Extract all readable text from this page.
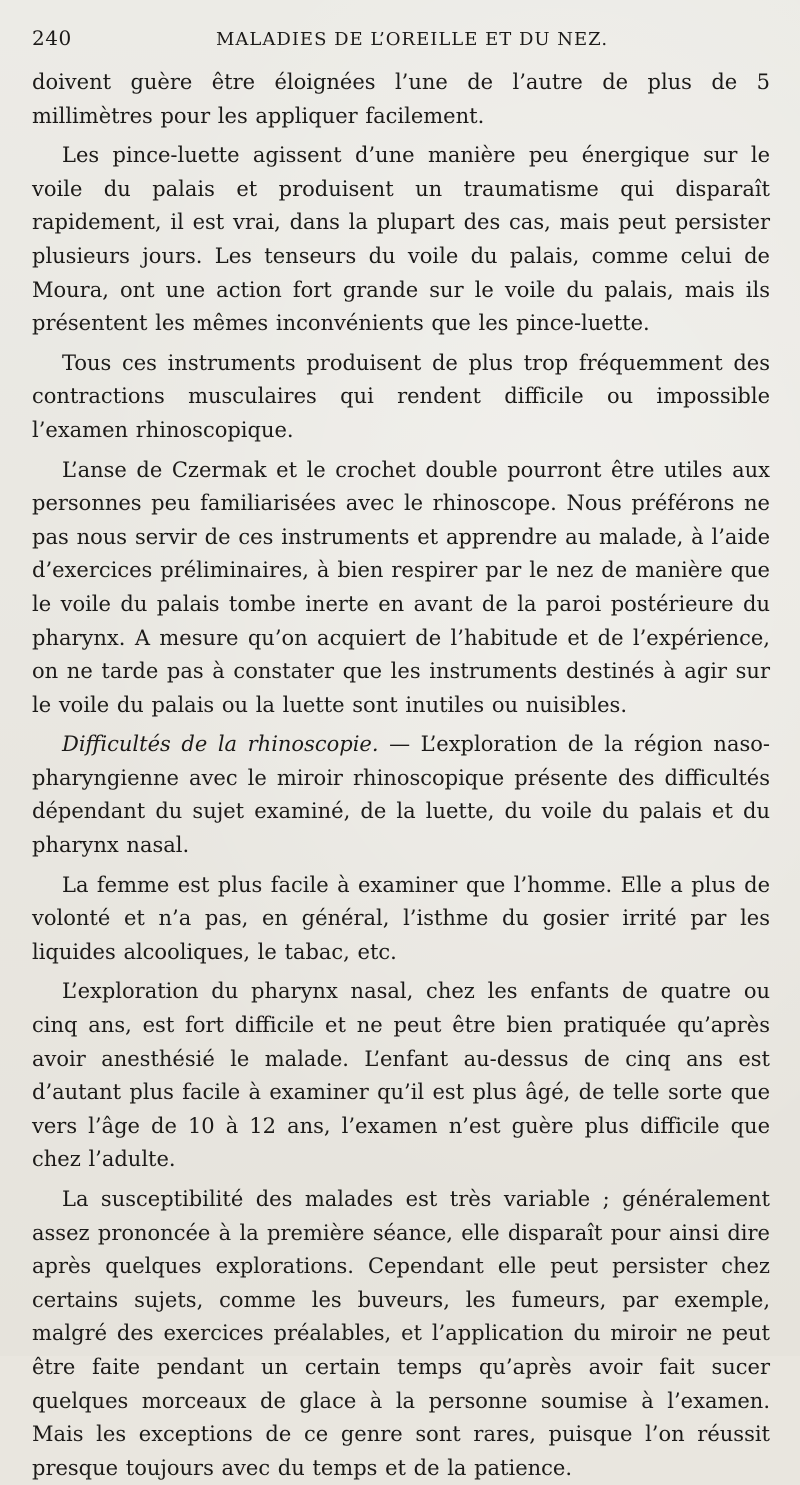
240	MALADIES DE L’OREILLE ET DU NEZ.

doivent guère être éloignées l’une de l’autre de plus de 5 millimètres pour les appliquer facilement.

Les pince-luette agissent d’une manière peu énergique sur le voile du palais et produisent un traumatisme qui disparaît rapidement, il est vrai, dans la plupart des cas, mais peut persister plusieurs jours. Les tenseurs du voile du palais, comme celui de Moura, ont une action fort grande sur le voile du palais, mais ils présentent les mêmes inconvénients que les pince-luette.

Tous ces instruments produisent de plus trop fréquemment des contractions musculaires qui rendent difficile ou impossible l’examen rhinoscopique.

L’anse de Czermak et le crochet double pourront être utiles aux personnes peu familiarisées avec le rhinoscope. Nous préférons ne pas nous servir de ces instruments et apprendre au malade, à l’aide d’exercices préliminaires, à bien respirer par le nez de manière que le voile du palais tombe inerte en avant de la paroi postérieure du pharynx. A mesure qu’on acquiert de l’habitude et de l’expérience, on ne tarde pas à constater que les instruments destinés à agir sur le voile du palais ou la luette sont inutiles ou nuisibles.

Difficultés de la rhinoscopie. — L’exploration de la région naso-pharyngienne avec le miroir rhinoscopique présente des difficultés dépendant du sujet examiné, de la luette, du voile du palais et du pharynx nasal.

La femme est plus facile à examiner que l’homme. Elle a plus de volonté et n’a pas, en général, l’isthme du gosier irrité par les liquides alcooliques, le tabac, etc.

L’exploration du pharynx nasal, chez les enfants de quatre ou cinq ans, est fort difficile et ne peut être bien pratiquée qu’après avoir anesthésié le malade. L’enfant au-dessus de cinq ans est d’autant plus facile à examiner qu’il est plus âgé, de telle sorte que vers l’âge de 10 à 12 ans, l’examen n’est guère plus difficile que chez l’adulte.

La susceptibilité des malades est très variable ; généralement assez prononcée à la première séance, elle disparaît pour ainsi dire après quelques explorations. Cependant elle peut persister chez certains sujets, comme les buveurs, les fumeurs, par exemple, malgré des exercices préalables, et l’application du miroir ne peut être faite pendant un certain temps qu’après avoir fait sucer quelques morceaux de glace à la personne soumise à l’examen. Mais les exceptions de ce genre sont rares, puisque l’on réussit presque toujours avec du temps et de la patience.
